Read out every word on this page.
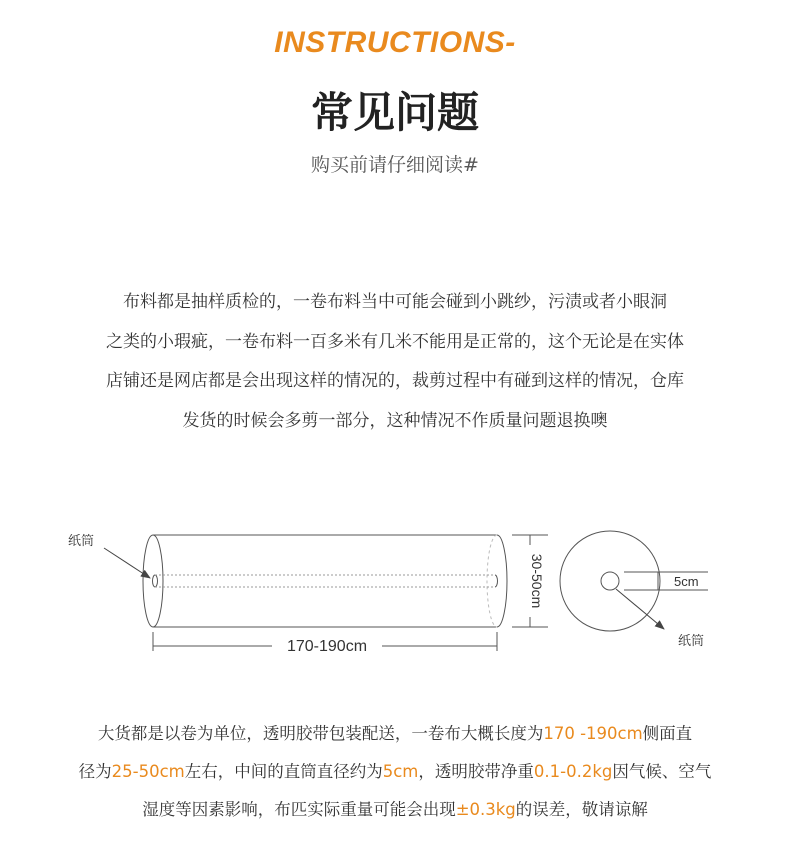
INSTRUCTIONS-
常见问题
购买前请仔细阅读#
布料都是抽样质检的，一卷布料当中可能会碰到小跳纱，污渍或者小眼洞
之类的小瑕疵，一卷布料一百多米有几米不能用是正常的，这个无论是在实体
店铺还是网店都是会出现这样的情况的，裁剪过程中有碰到这样的情况，仓库
发货的时候会多剪一部分，这种情况不作质量问题退换噢
纸筒
170-190cm
30-50cm	5cm
纸筒
大货都是以卷为单位，透明胶带包装配送，一卷布大概长度为170 -190cm侧面直
径为25-50cm左右，中间的直筒直径约为5cm，透明胶带净重0.1-0.2kg因气候、空气
湿度等因素影响，布匹实际重量可能会出现±0.3kg的误差，敬请谅解
